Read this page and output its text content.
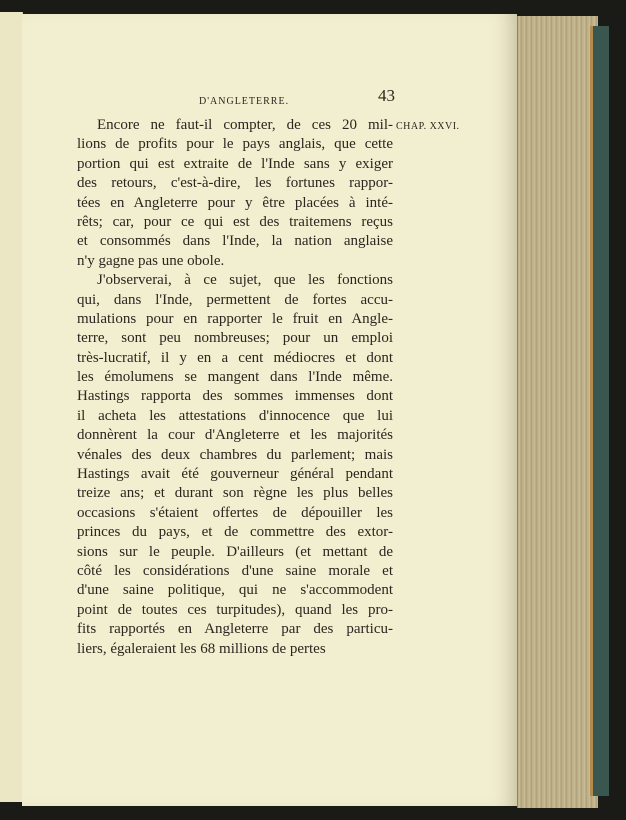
D'ANGLETERRE.	43
CHAP. XXVI.
Encore ne faut-il compter, de ces 20 mil-
lions de profits pour le pays anglais, que cette
portion qui est extraite de l'Inde sans y exiger
des retours, c'est-à-dire, les fortunes rappor-
tées en Angleterre pour y être placées à inté-
rêts; car, pour ce qui est des traitemens reçus
et consommés dans l'Inde, la nation anglaise
n'y gagne pas une obole.
J'observerai, à ce sujet, que les fonctions
qui, dans l'Inde, permettent de fortes accu-
mulations pour en rapporter le fruit en Angle-
terre, sont peu nombreuses; pour un emploi
très-lucratif, il y en a cent médiocres et dont
les émolumens se mangent dans l'Inde même.
Hastings rapporta des sommes immenses dont
il acheta les attestations d'innocence que lui
donnèrent la cour d'Angleterre et les majorités
vénales des deux chambres du parlement; mais
Hastings avait été gouverneur général pendant
treize ans; et durant son règne les plus belles
occasions s'étaient offertes de dépouiller les
princes du pays, et de commettre des extor-
sions sur le peuple. D'ailleurs (et mettant de
côté les considérations d'une saine morale et
d'une saine politique, qui ne s'accommodent
point de toutes ces turpitudes), quand les pro-
fits rapportés en Angleterre par des particu-
liers, égaleraient les 68 millions de pertes
